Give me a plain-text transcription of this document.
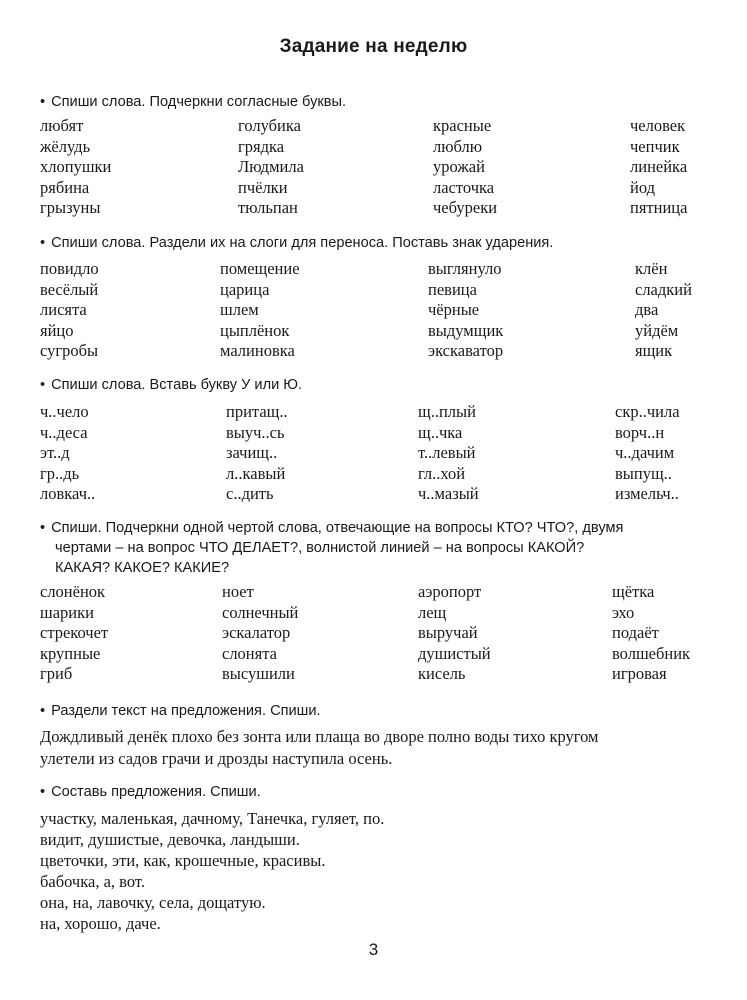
Задание на неделю
• Спиши слова. Подчеркни согласные буквы.
любят	голубика	красные	человек
жёлудь	грядка	люблю	чепчик
хлопушки	Людмила	урожай	линейка
рябина	пчёлки	ласточка	йод
грызуны	тюльпан	чебуреки	пятница
• Спиши слова. Раздели их на слоги для переноса. Поставь знак ударения.
повидло	помещение	выглянуло	клён
весёлый	царица	певица	сладкий
лисята	шлем	чёрные	два
яйцо	цыплёнок	выдумщик	уйдём
сугробы	малиновка	экскаватор	ящик
• Спиши слова. Вставь букву У или Ю.
ч..чело	притащ..	щ..плый	скр..чила
ч..деса	выуч..сь	щ..чка	ворч..н
эт..д	зачищ..	т..левый	ч..дачим
гр..дь	л..кавый	гл..хой	выпущ..
ловкач..	с..дить	ч..мазый	измельч..
• Спиши. Подчеркни одной чертой слова, отвечающие на вопросы КТО? ЧТО?, двумя
чертами – на вопрос ЧТО ДЕЛАЕТ?, волнистой линией – на вопросы КАКОЙ?
КАКАЯ? КАКОЕ? КАКИЕ?
слонёнок	ноет	аэропорт	щётка
шарики	солнечный	лещ	эхо
стрекочет	эскалатор	выручай	подаёт
крупные	слонята	душистый	волшебник
гриб	высушили	кисель	игровая
• Раздели текст на предложения. Спиши.
Дождливый денёк плохо без зонта или плаща во дворе полно воды тихо кругом
улетели из садов грачи и дрозды наступила осень.
• Составь предложения. Спиши.
участку, маленькая, дачному, Танечка, гуляет, по.
видит, душистые, девочка, ландыши.
цветочки, эти, как, крошечные, красивы.
бабочка, а, вот.
она, на, лавочку, села, дощатую.
на, хорошо, даче.
3
